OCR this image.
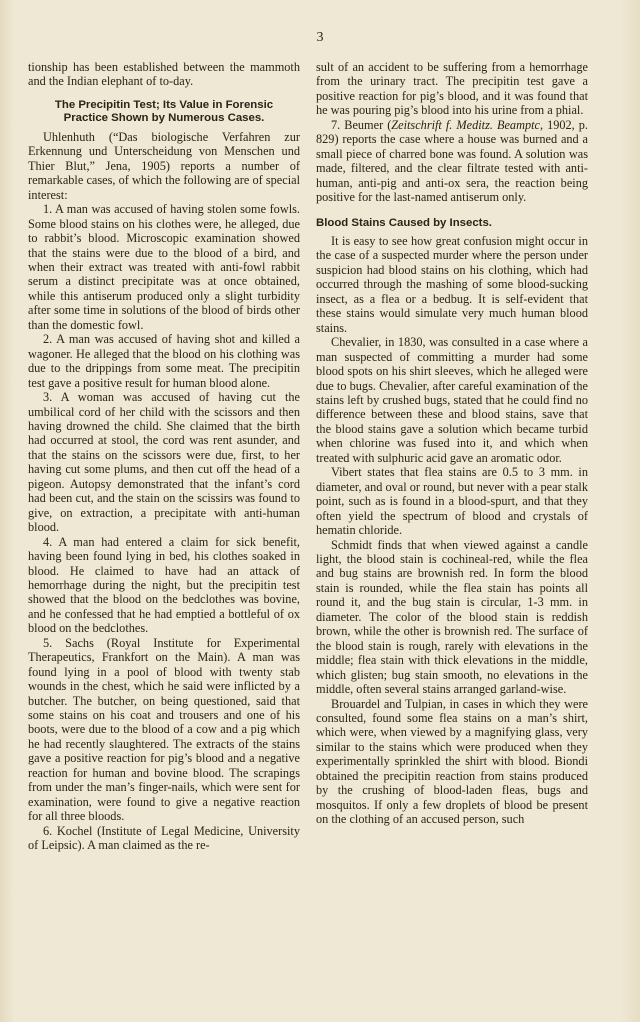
3

tionship has been established between the mammoth and the Indian elephant of to-day.

The Precipitin Test; Its Value in Forensic Practice Shown by Numerous Cases.

Uhlenhuth (“Das biologische Verfahren zur Erkennung und Unterscheidung von Menschen und Thier Blut,” Jena, 1905) reports a number of remarkable cases, of which the following are of special interest:

1. A man was accused of having stolen some fowls. Some blood stains on his clothes were, he alleged, due to rabbit’s blood. Microscopic examination showed that the stains were due to the blood of a bird, and when their extract was treated with anti-fowl rabbit serum a distinct precipitate was at once obtained, while this antiserum produced only a slight turbidity after some time in solutions of the blood of birds other than the domestic fowl.

2. A man was accused of having shot and killed a wagoner. He alleged that the blood on his clothing was due to the drippings from some meat. The precipitin test gave a positive result for human blood alone.

3. A woman was accused of having cut the umbilical cord of her child with the scissors and then having drowned the child. She claimed that the birth had occurred at stool, the cord was rent asunder, and that the stains on the scissors were due, first, to her having cut some plums, and then cut off the head of a pigeon. Autopsy demonstrated that the infant’s cord had been cut, and the stain on the scissirs was found to give, on extraction, a precipitate with anti-human blood.

4. A man had entered a claim for sick benefit, having been found lying in bed, his clothes soaked in blood. He claimed to have had an attack of hemorrhage during the night, but the precipitin test showed that the blood on the bedclothes was bovine, and he confessed that he had emptied a bottleful of ox blood on the bedclothes.

5. Sachs (Royal Institute for Experimental Therapeutics, Frankfort on the Main). A man was found lying in a pool of blood with twenty stab wounds in the chest, which he said were inflicted by a butcher. The butcher, on being questioned, said that some stains on his coat and trousers and one of his boots, were due to the blood of a cow and a pig which he had recently slaughtered. The extracts of the stains gave a positive reaction for pig’s blood and a negative reaction for human and bovine blood. The scrapings from under the man’s finger-nails, which were sent for examination, were found to give a negative reaction for all three bloods.

6. Kochel (Institute of Legal Medicine, University of Leipsic). A man claimed as the re-

sult of an accident to be suffering from a hemorrhage from the urinary tract. The precipitin test gave a positive reaction for pig’s blood, and it was found that he was pouring pig’s blood into his urine from a phial.

7. Beumer (Zeitschrift f. Meditz. Beamptc, 1902, p. 829) reports the case where a house was burned and a small piece of charred bone was found. A solution was made, filtered, and the clear filtrate tested with anti-human, anti-pig and anti-ox sera, the reaction being positive for the last-named antiserum only.

Blood Stains Caused by Insects.

It is easy to see how great confusion might occur in the case of a suspected murder where the person under suspicion had blood stains on his clothing, which had occurred through the mashing of some blood-sucking insect, as a flea or a bedbug. It is self-evident that these stains would simulate very much human blood stains.

Chevalier, in 1830, was consulted in a case where a man suspected of committing a murder had some blood spots on his shirt sleeves, which he alleged were due to bugs. Chevalier, after careful examination of the stains left by crushed bugs, stated that he could find no difference between these and blood stains, save that the blood stains gave a solution which became turbid when chlorine was fused into it, and which when treated with sulphuric acid gave an aromatic odor.

Vibert states that flea stains are 0.5 to 3 mm. in diameter, and oval or round, but never with a pear stalk point, such as is found in a blood-spurt, and that they often yield the spectrum of blood and crystals of hematin chloride.

Schmidt finds that when viewed against a candle light, the blood stain is cochineal-red, while the flea and bug stains are brownish red. In form the blood stain is rounded, while the flea stain has points all round it, and the bug stain is circular, 1-3 mm. in diameter. The color of the blood stain is reddish brown, while the other is brownish red. The surface of the blood stain is rough, rarely with elevations in the middle; flea stain with thick elevations in the middle, which glisten; bug stain smooth, no elevations in the middle, often several stains arranged garland-wise.

Brouardel and Tulpian, in cases in which they were consulted, found some flea stains on a man’s shirt, which were, when viewed by a magnifying glass, very similar to the stains which were produced when they experimentally sprinkled the shirt with blood. Biondi obtained the precipitin reaction from stains produced by the crushing of blood-laden fleas, bugs and mosquitos. If only a few droplets of blood be present on the clothing of an accused person, such
